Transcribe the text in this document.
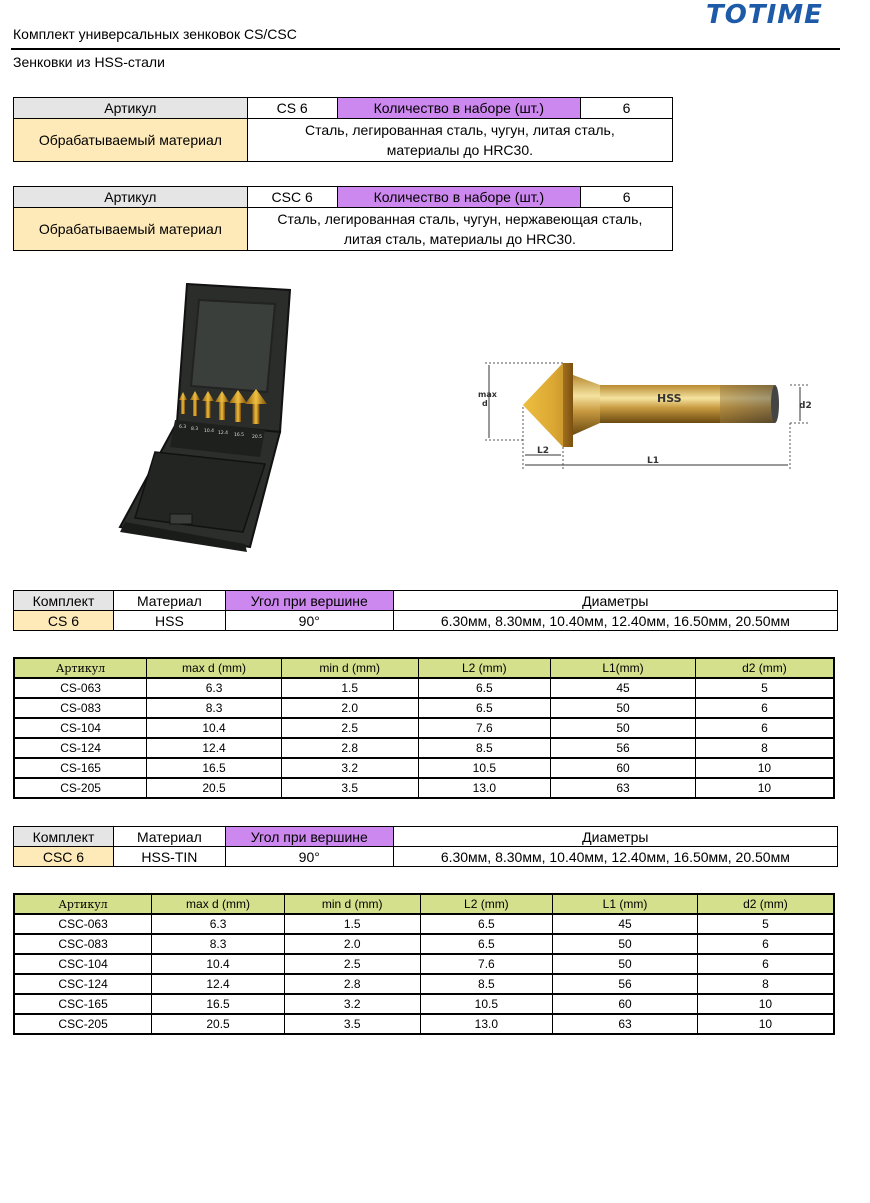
TOTIME
Комплект универсальных зенковок CS/CSC
Зенковки из HSS-стали
Артикул	CS 6	Количество в наборе (шт.)	6
Обрабатываемый материал	Сталь, легированная сталь, чугун, литая сталь,
материалы до HRC30.		
Артикул	CSC 6	Количество в наборе (шт.)	6
Обрабатываемый материал	Сталь, легированная сталь, чугун, нержавеющая сталь,
литая сталь, материалы до HRC30.		
6.3 8.3 10.4 12.4 16.5 20.5
HSS
max
d	d2
L2
L1
Комплект	Материал	Угол при вершине	Диаметры
CS 6	HSS	90°	6.30мм, 8.30мм, 10.40мм, 12.40мм, 16.50мм, 20.50мм
Артикул	max d (mm)	min d (mm)	L2 (mm)	L1(mm)	d2 (mm)
CS-063	6.3	1.5	6.5	45	5
CS-083	8.3	2.0	6.5	50	6
CS-104	10.4	2.5	7.6	50	6
CS-124	12.4	2.8	8.5	56	8
CS-165	16.5	3.2	10.5	60	10
CS-205	20.5	3.5	13.0	63	10
Комплект	Материал	Угол при вершине	Диаметры
CSC 6	HSS-TIN	90°	6.30мм, 8.30мм, 10.40мм, 12.40мм, 16.50мм, 20.50мм
Артикул	max d (mm)	min d (mm)	L2 (mm)	L1 (mm)	d2 (mm)
CSC-063	6.3	1.5	6.5	45	5
CSC-083	8.3	2.0	6.5	50	6
CSC-104	10.4	2.5	7.6	50	6
CSC-124	12.4	2.8	8.5	56	8
CSC-165	16.5	3.2	10.5	60	10
CSC-205	20.5	3.5	13.0	63	10
